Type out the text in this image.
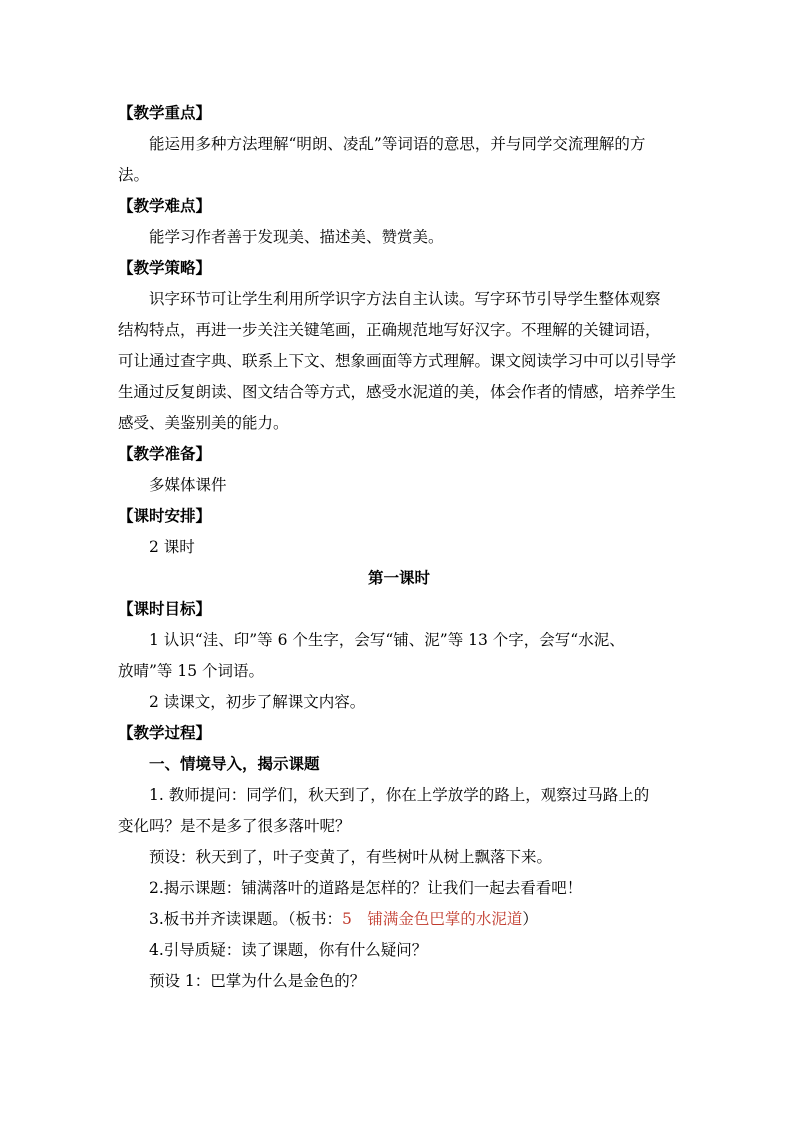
【教学重点】
能运用多种方法理解“明朗、凌乱”等词语的意思，并与同学交流理解的方
法。
【教学难点】
能学习作者善于发现美、描述美、赞赏美。
【教学策略】
识字环节可让学生利用所学识字方法自主认读。写字环节引导学生整体观察
结构特点，再进一步关注关键笔画，正确规范地写好汉字。不理解的关键词语，
可让通过查字典、联系上下文、想象画面等方式理解。课文阅读学习中可以引导学
生通过反复朗读、图文结合等方式，感受水泥道的美，体会作者的情感，培养学生
感受、美鉴别美的能力。
【教学准备】
多媒体课件
【课时安排】
2 课时
第一课时
【课时目标】
1 认识“洼、印”等 6 个生字，会写“铺、泥”等 13 个字，会写“水泥、
放晴”等 15 个词语。
2 读课文，初步了解课文内容。
【教学过程】
一、情境导入，揭示课题
1. 教师提问：同学们，秋天到了，你在上学放学的路上，观察过马路上的
变化吗？是不是多了很多落叶呢？
预设：秋天到了，叶子变黄了，有些树叶从树上飘落下来。
2.揭示课题：铺满落叶的道路是怎样的？让我们一起去看看吧！
3.板书并齐读课题。（板书：5　铺满金色巴掌的水泥道）
4.引导质疑：读了课题，你有什么疑问？
预设 1：巴掌为什么是金色的？
